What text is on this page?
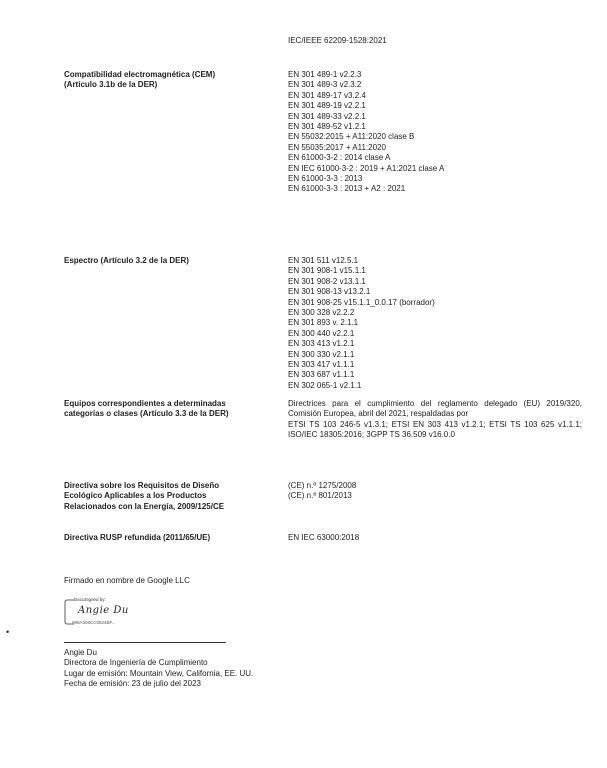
IEC/IEEE 62209-1528:2021
Compatibilidad electromagnética (CEM)
(Artículo 3.1b de la DER)
EN 301 489-1 v2.2.3
EN 301 489-3 v2.3.2
EN 301 489-17 v3.2.4
EN 301 489-19 v2.2.1
EN 301 489-33 v2.2.1
EN 301 489-52 v1.2.1
EN 55032:2015 + A11:2020 clase B
EN 55035:2017 + A11:2020
EN 61000-3-2 : 2014 clase A
EN IEC 61000-3-2 : 2019 + A1:2021 clase A
EN 61000-3-3 : 2013
EN 61000-3-3 : 2013 + A2 : 2021
Espectro (Artículo 3.2 de la DER)	EN 301 511 v12.5.1
EN 301 908-1 v15.1.1
EN 301 908-2 v13.1.1
EN 301 908-13 v13.2.1
EN 301 908-25 v15.1.1_0.0.17 (borrador)
EN 300 328 v2.2.2
EN 301 893 v. 2.1.1
EN 300 440 v2.2.1
EN 303 413 v1.2.1
EN 300 330 v2.1.1
EN 303 417 v1.1.1
EN 303 687 v1.1.1
EN 302 065-1 v2.1.1
Equipos correspondientes a determinadas
categorías o clases (Artículo 3.3 de la DER)
Directrices para el cumplimiento del reglamento delegado (EU) 2019/320, Comisión Europea, abril del 2021, respaldadas por
ETSI TS 103 246-5 v1.3.1; ETSI EN 303 413 v1.2.1; ETSI TS 103 625 v1.1.1; ISO/IEC 18305:2016; 3GPP TS 36.509 v16.0.0
Directiva sobre los Requisitos de Diseño
Ecológico Aplicables a los Productos
Relacionados con la Energía, 2009/125/CE
(CE) n.º 1275/2008
(CE) n.º 801/2013
Directiva RUSP refundida (2011/65/UE)	EN IEC 63000:2018
Firmado en nombre de Google LLC
•
DocuSigned by:
Angie Du
989A308CC0524BF...
Angie Du
Directora de Ingeniería de Cumplimiento
Lugar de emisión: Mountain View, California, EE. UU.
Fecha de emisión: 23 de julio del 2023
